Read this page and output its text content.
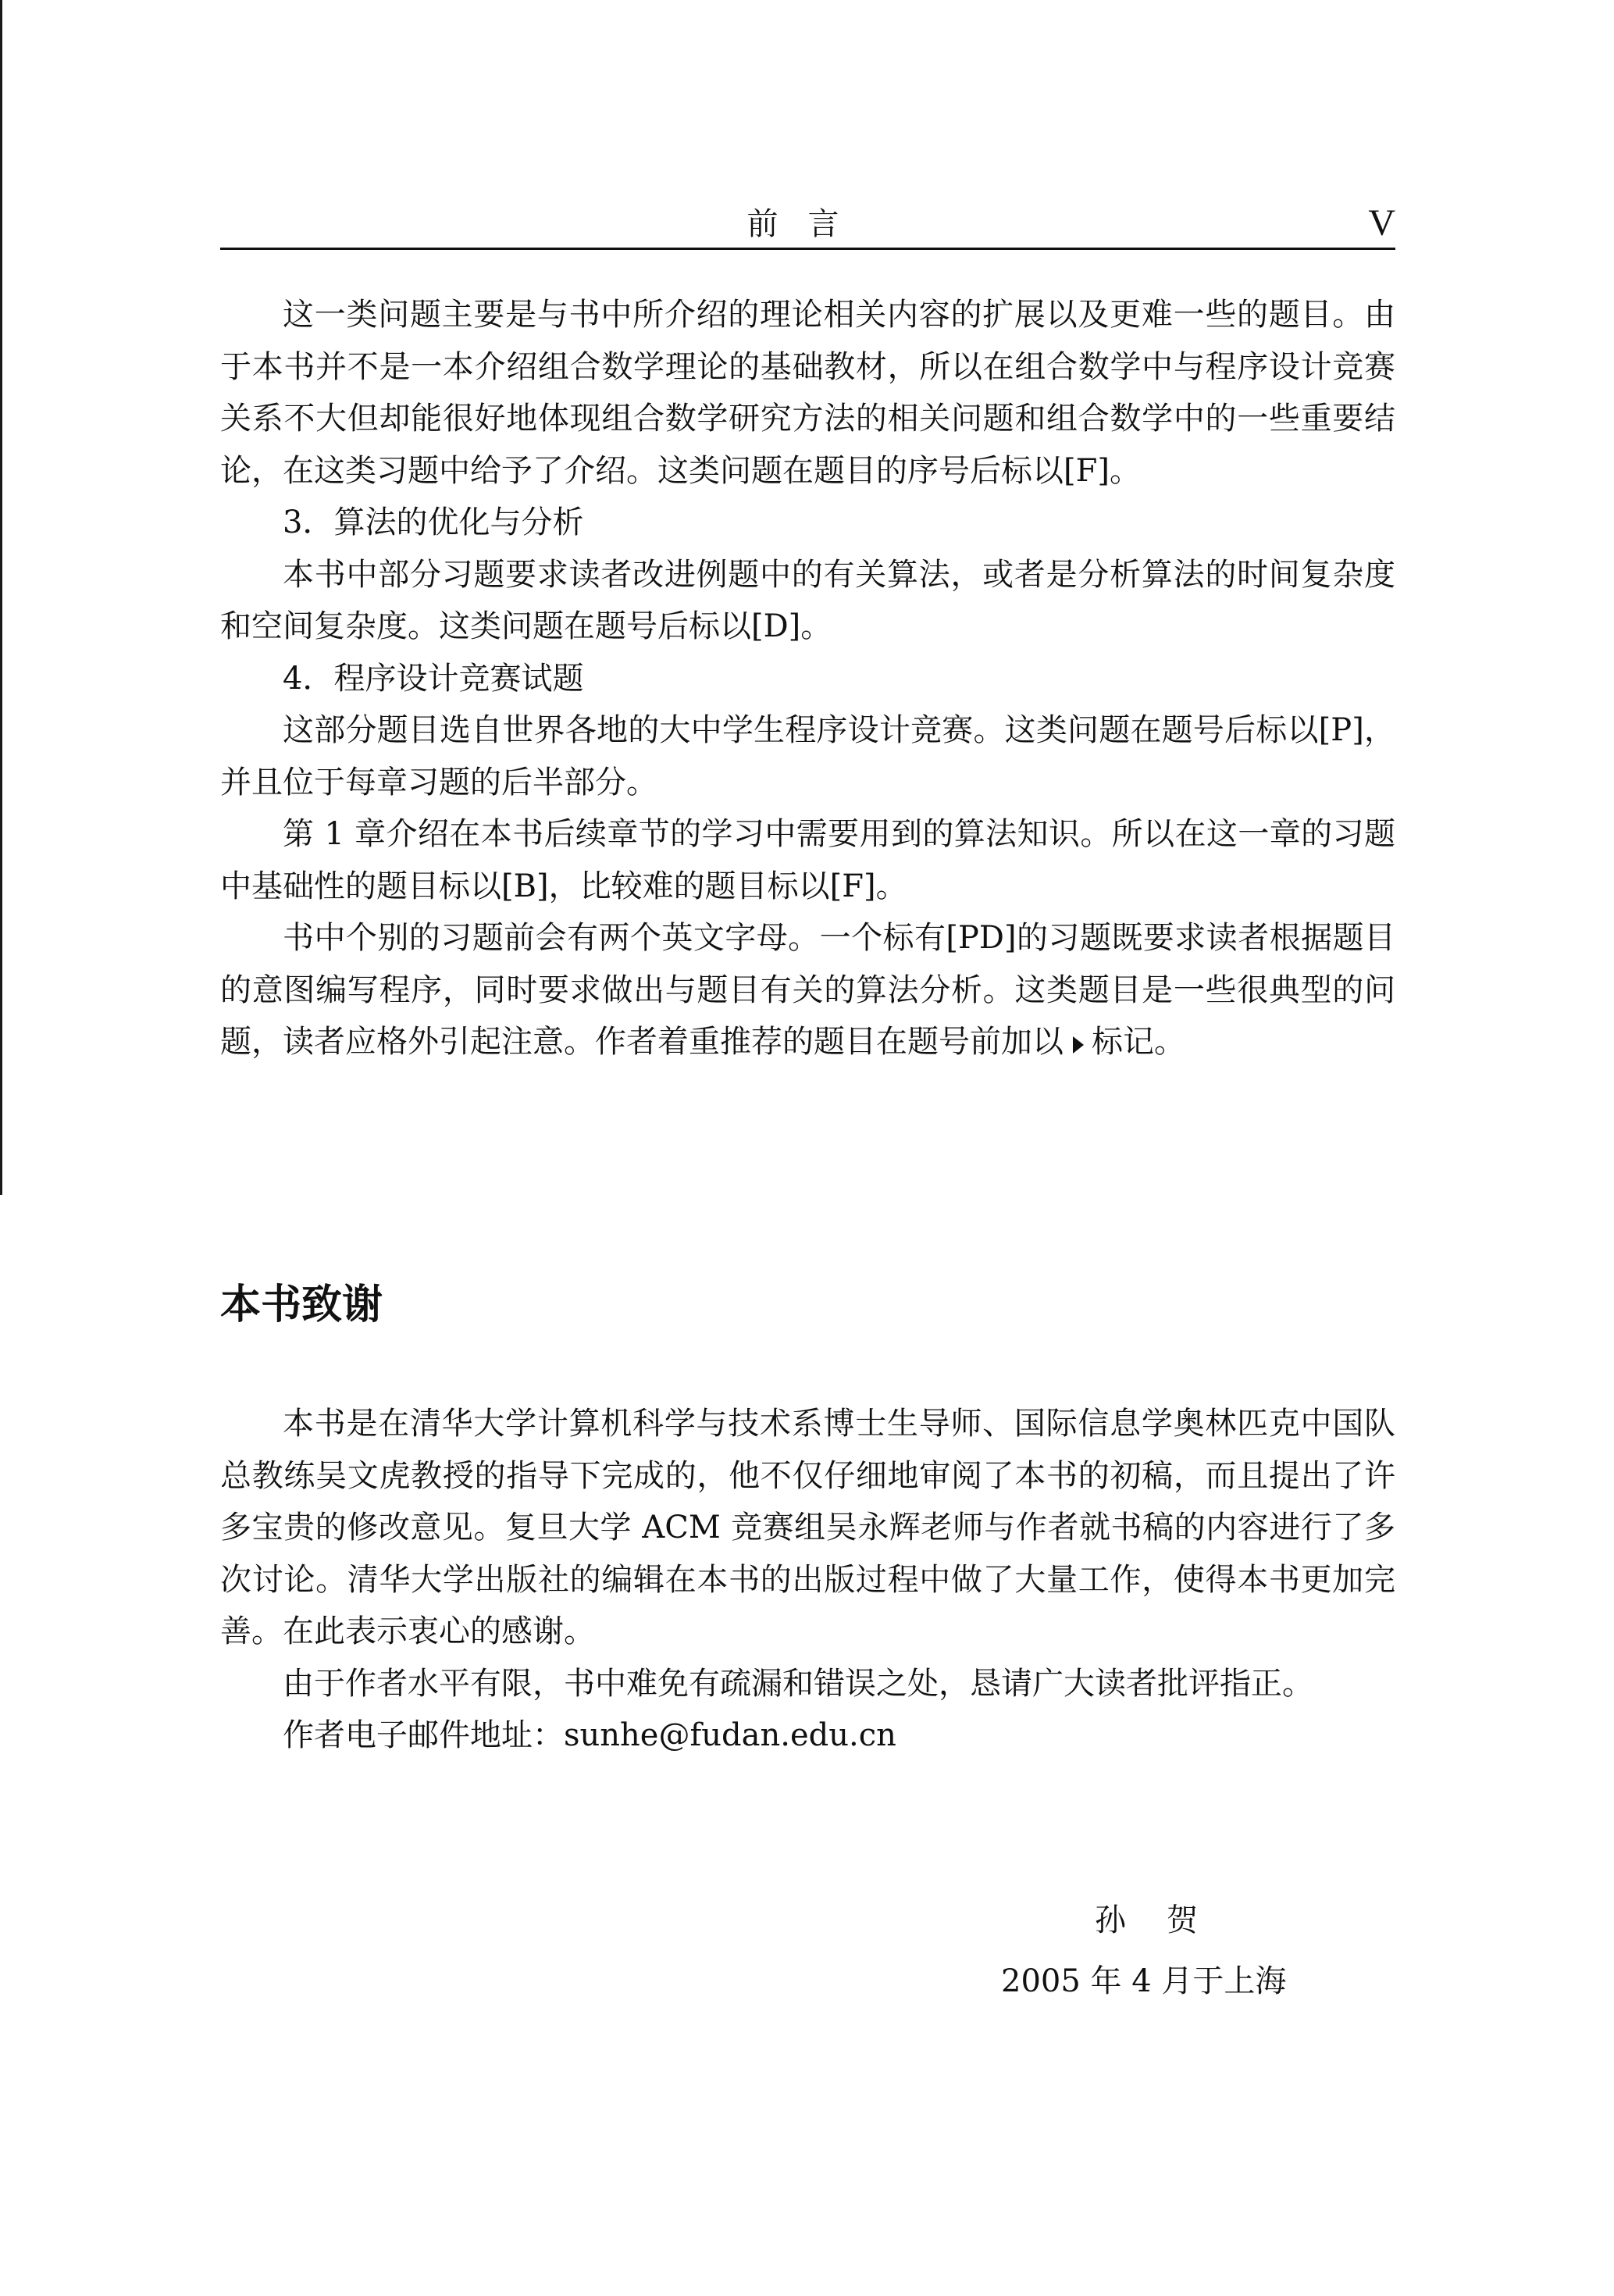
前言	V

这一类问题主要是与书中所介绍的理论相关内容的扩展以及更难一些的题目。由于本书并不是一本介绍组合数学理论的基础教材，所以在组合数学中与程序设计竞赛关系不大但却能很好地体现组合数学研究方法的相关问题和组合数学中的一些重要结论，在这类习题中给予了介绍。这类问题在题目的序号后标以[F]。

3．算法的优化与分析

本书中部分习题要求读者改进例题中的有关算法，或者是分析算法的时间复杂度和空间复杂度。这类问题在题号后标以[D]。

4．程序设计竞赛试题

这部分题目选自世界各地的大中学生程序设计竞赛。这类问题在题号后标以[P]，并且位于每章习题的后半部分。

第 1 章介绍在本书后续章节的学习中需要用到的算法知识。所以在这一章的习题中基础性的题目标以[B]，比较难的题目标以[F]。

书中个别的习题前会有两个英文字母。一个标有[PD]的习题既要求读者根据题目的意图编写程序，同时要求做出与题目有关的算法分析。这类题目是一些很典型的问题，读者应格外引起注意。作者着重推荐的题目在题号前加以 标记。

本书致谢

本书是在清华大学计算机科学与技术系博士生导师、国际信息学奥林匹克中国队总教练吴文虎教授的指导下完成的，他不仅仔细地审阅了本书的初稿，而且提出了许多宝贵的修改意见。复旦大学 ACM 竞赛组吴永辉老师与作者就书稿的内容进行了多次讨论。清华大学出版社的编辑在本书的出版过程中做了大量工作，使得本书更加完善。在此表示衷心的感谢。

由于作者水平有限，书中难免有疏漏和错误之处，恳请广大读者批评指正。

作者电子邮件地址：sunhe@fudan.edu.cn

孙贺
2005 年 4 月于上海
